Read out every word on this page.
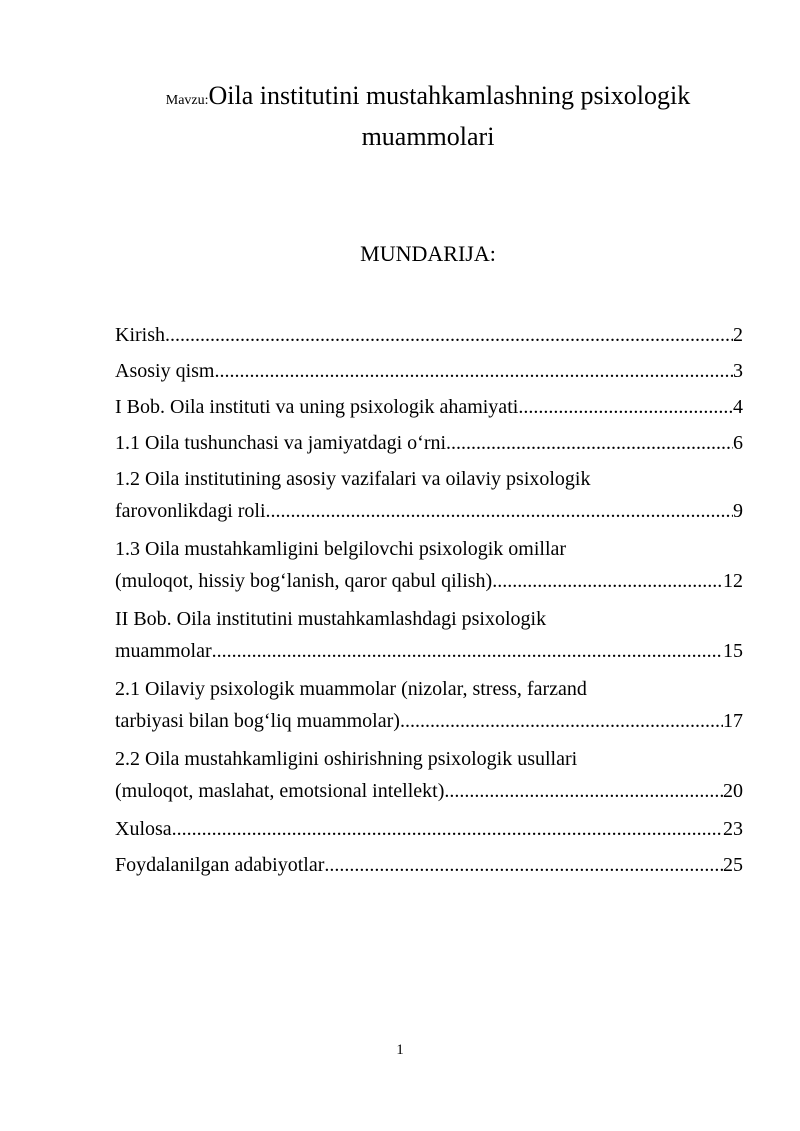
Mavzu:Oila institutini mustahkamlashning psixologik
muammolari
MUNDARIJA:
Kirish .....	2
Asosiy qism .....	3
I Bob. Oila instituti va uning psixologik ahamiyati .....	4
1.1 Oila tushunchasi va jamiyatdagi o‘rni .....	6
1.2 Oila institutining asosiy vazifalari va oilaviy psixologik
farovonlikdagi roli .....	9
1.3 Oila mustahkamligini belgilovchi psixologik omillar
(muloqot, hissiy bog‘lanish, qaror qabul qilish) .....	12
II Bob. Oila institutini mustahkamlashdagi psixologik
muammolar .....	15
2.1 Oilaviy psixologik muammolar (nizolar, stress, farzand
tarbiyasi bilan bog‘liq muammolar) .....	17
2.2 Oila mustahkamligini oshirishning psixologik usullari
(muloqot, maslahat, emotsional intellekt) .....	20
Xulosa .....	23
Foydalanilgan adabiyotlar .....	25
1
